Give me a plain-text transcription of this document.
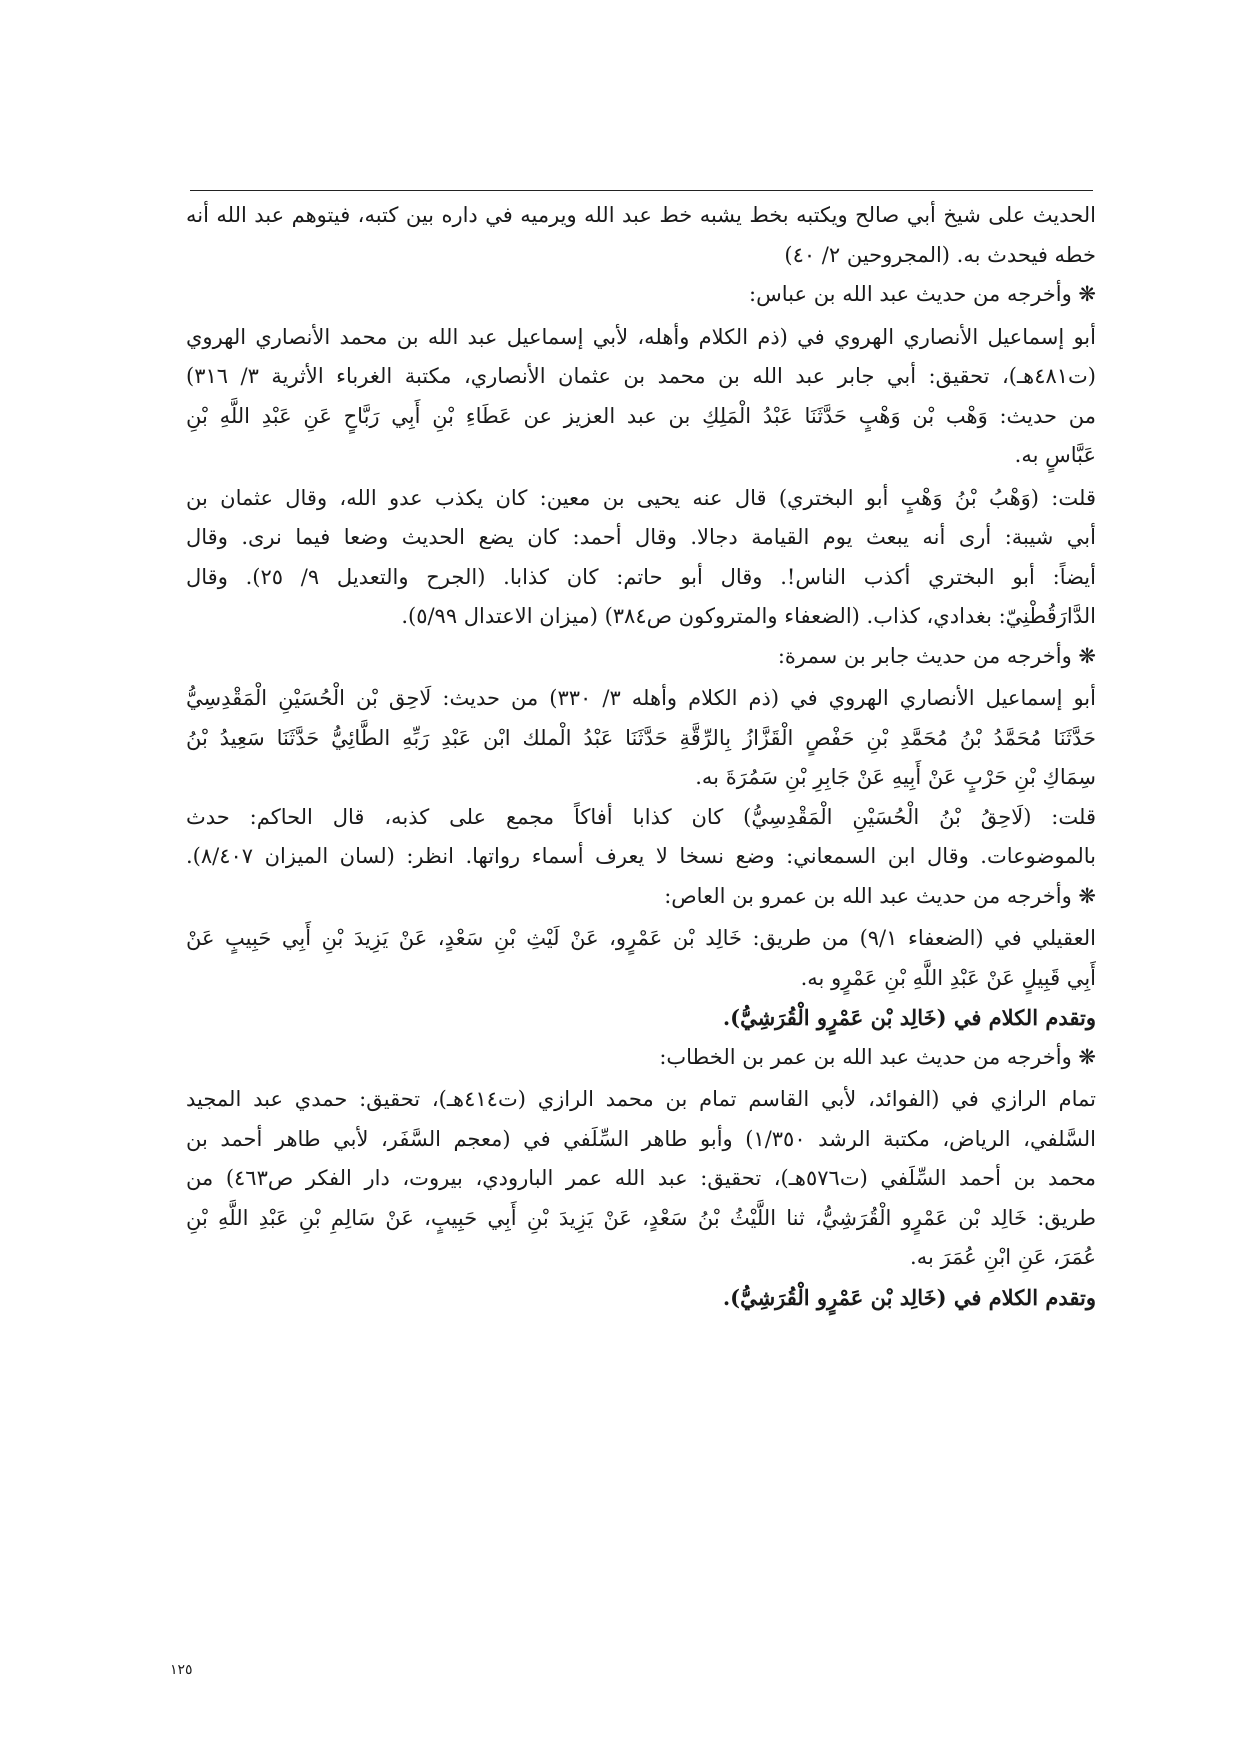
الحديث على شيخ أبي صالح ويكتبه بخط يشبه خط عبد الله ويرميه في داره بين كتبه، فيتوهم عبد الله أنه
خطه فيحدث به. (المجروحين ٢/ ٤٠)
❋ وأخرجه من حديث عبد الله بن عباس:
أبو إسماعيل الأنصاري الهروي في (ذم الكلام وأهله، لأبي إسماعيل عبد الله بن محمد الأنصاري الهروي
(ت٤٨١هـ)، تحقيق: أبي جابر عبد الله بن محمد بن عثمان الأنصاري، مكتبة الغرباء الأثرية ٣/ ٣١٦)
من حديث: وَهْب بْن وَهْبٍ حَدَّثَنَا عَبْدُ الْمَلِكِ بن عبد العزيز عن عَطَاءِ بْنِ أَبِي رَبَّاحٍ عَنِ عَبْدِ اللَّهِ بْنِ
عَبَّاسٍ به.
قلت: (وَهْبُ بْنُ وَهْبٍ أبو البختري) قال عنه يحيى بن معين: كان يكذب عدو الله، وقال عثمان بن
أبي شيبة: أرى أنه يبعث يوم القيامة دجالا. وقال أحمد: كان يضع الحديث وضعا فيما نرى. وقال
أيضاً: أبو البختري أكذب الناس!. وقال أبو حاتم: كان كذابا. (الجرح والتعديل ٩/ ٢٥). وقال
الدَّارَقُطْنِيّ: بغدادي، كذاب. (الضعفاء والمتروكون ص٣٨٤) (ميزان الاعتدال ٥/٩٩).
❋ وأخرجه من حديث جابر بن سمرة:
أبو إسماعيل الأنصاري الهروي في (ذم الكلام وأهله ٣/ ٣٣٠) من حديث: لَاحِق بْن الْحُسَيْنِ الْمَقْدِسِيُّ
حَدَّثَنَا مُحَمَّدُ بْنُ مُحَمَّدِ بْنِ حَفْصٍ الْقَزَّازُ بِالرِّقَّةِ حَدَّثَنَا عَبْدُ الْملك ابْن عَبْدِ رَبِّهِ الطَّائِيُّ حَدَّثَنَا سَعِيدُ بْنُ
سِمَاكِ بْنِ حَرْبٍ عَنْ أَبِيهِ عَنْ جَابِرِ بْنِ سَمُرَةَ به.
قلت: (لَاحِقُ بْنُ الْحُسَيْنِ الْمَقْدِسِيُّ) كان كذابا أفاكاً مجمع على كذبه، قال الحاكم: حدث
بالموضوعات. وقال ابن السمعاني: وضع نسخا لا يعرف أسماء رواتها. انظر: (لسان الميزان ٨/٤٠٧).
❋ وأخرجه من حديث عبد الله بن عمرو بن العاص:
العقيلي في (الضعفاء ٩/١) من طريق: خَالِد بْن عَمْرٍو، عَنْ لَيْثِ بْنِ سَعْدٍ، عَنْ يَزِيدَ بْنِ أَبِي حَبِيبٍ عَنْ
أَبِي قَبِيلٍ عَنْ عَبْدِ اللَّهِ بْنِ عَمْرٍو به.
وتقدم الكلام في (خَالِد بْن عَمْرٍو الْقُرَشِيُّ).
❋ وأخرجه من حديث عبد الله بن عمر بن الخطاب:
تمام الرازي في (الفوائد، لأبي القاسم تمام بن محمد الرازي (ت٤١٤هـ)، تحقيق: حمدي عبد المجيد
السَّلفي، الرياض، مكتبة الرشد ١/٣٥٠) وأبو طاهر السِّلَفي في (معجم السَّفَر، لأبي طاهر أحمد بن
محمد بن أحمد السِّلَفي (ت٥٧٦هـ)، تحقيق: عبد الله عمر البارودي، بيروت، دار الفكر ص٤٦٣) من
طريق: خَالِد بْن عَمْرٍو الْقُرَشِيُّ، ثنا اللَّيْثُ بْنُ سَعْدٍ، عَنْ يَزِيدَ بْنِ أَبِي حَبِيبٍ، عَنْ سَالِمِ بْنِ عَبْدِ اللَّهِ بْنِ
عُمَرَ، عَنِ ابْنِ عُمَرَ به.
وتقدم الكلام في (خَالِد بْن عَمْرٍو الْقُرَشِيُّ).
١٢٥
